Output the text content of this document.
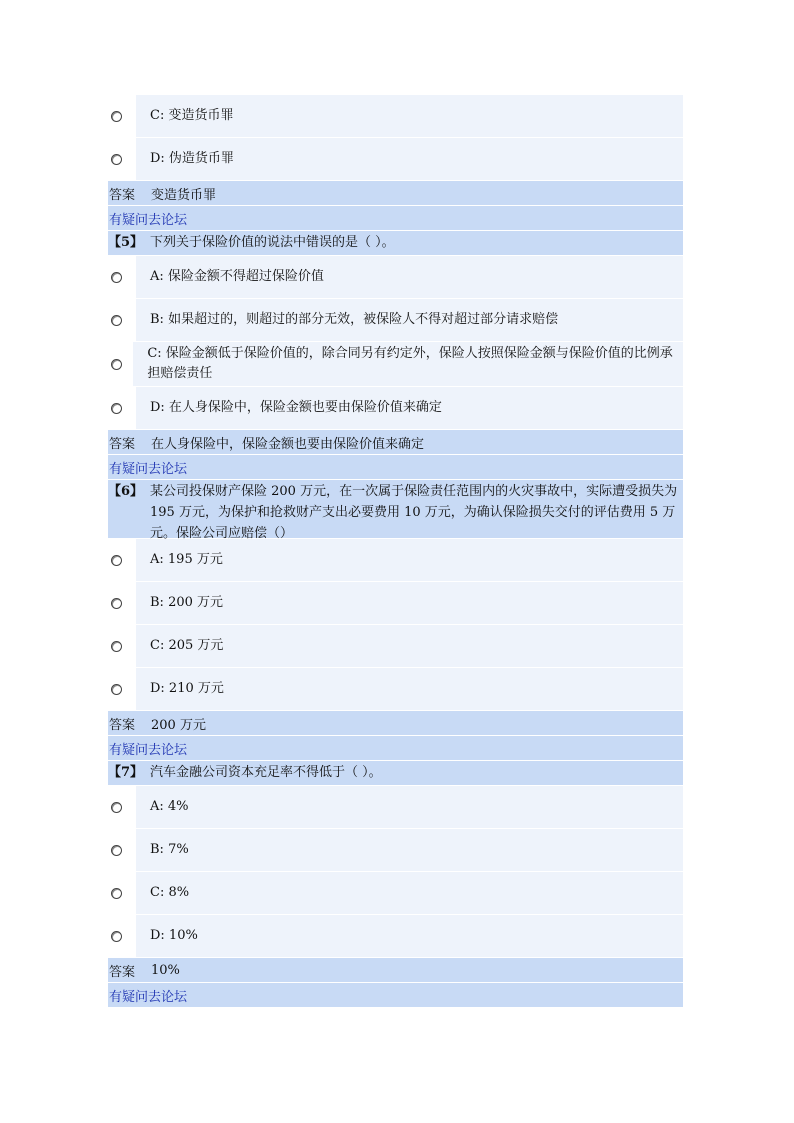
C: 变造货币罪
D: 伪造货币罪
答案	变造货币罪
有疑问去论坛
【5】 下列关于保险价值的说法中错误的是（ ）。
A: 保险金额不得超过保险价值
B: 如果超过的，则超过的部分无效，被保险人不得对超过部分请求赔偿
C: 保险金额低于保险价值的，除合同另有约定外，保险人按照保险金额与保险价值的比例承担赔偿责任
D: 在人身保险中，保险金额也要由保险价值来确定
答案	在人身保险中，保险金额也要由保险价值来确定
有疑问去论坛
【6】 某公司投保财产保险 200 万元，在一次属于保险责任范围内的火灾事故中，实际遭受损失为 195 万元，为保护和抢救财产支出必要费用 10 万元，为确认保险损失交付的评估费用 5 万元。保险公司应赔偿（）
A: 195 万元
B: 200 万元
C: 205 万元
D: 210 万元
答案	200 万元
有疑问去论坛
【7】 汽车金融公司资本充足率不得低于（ ）。
A: 4%
B: 7%
C: 8%
D: 10%
答案	10%
有疑问去论坛
